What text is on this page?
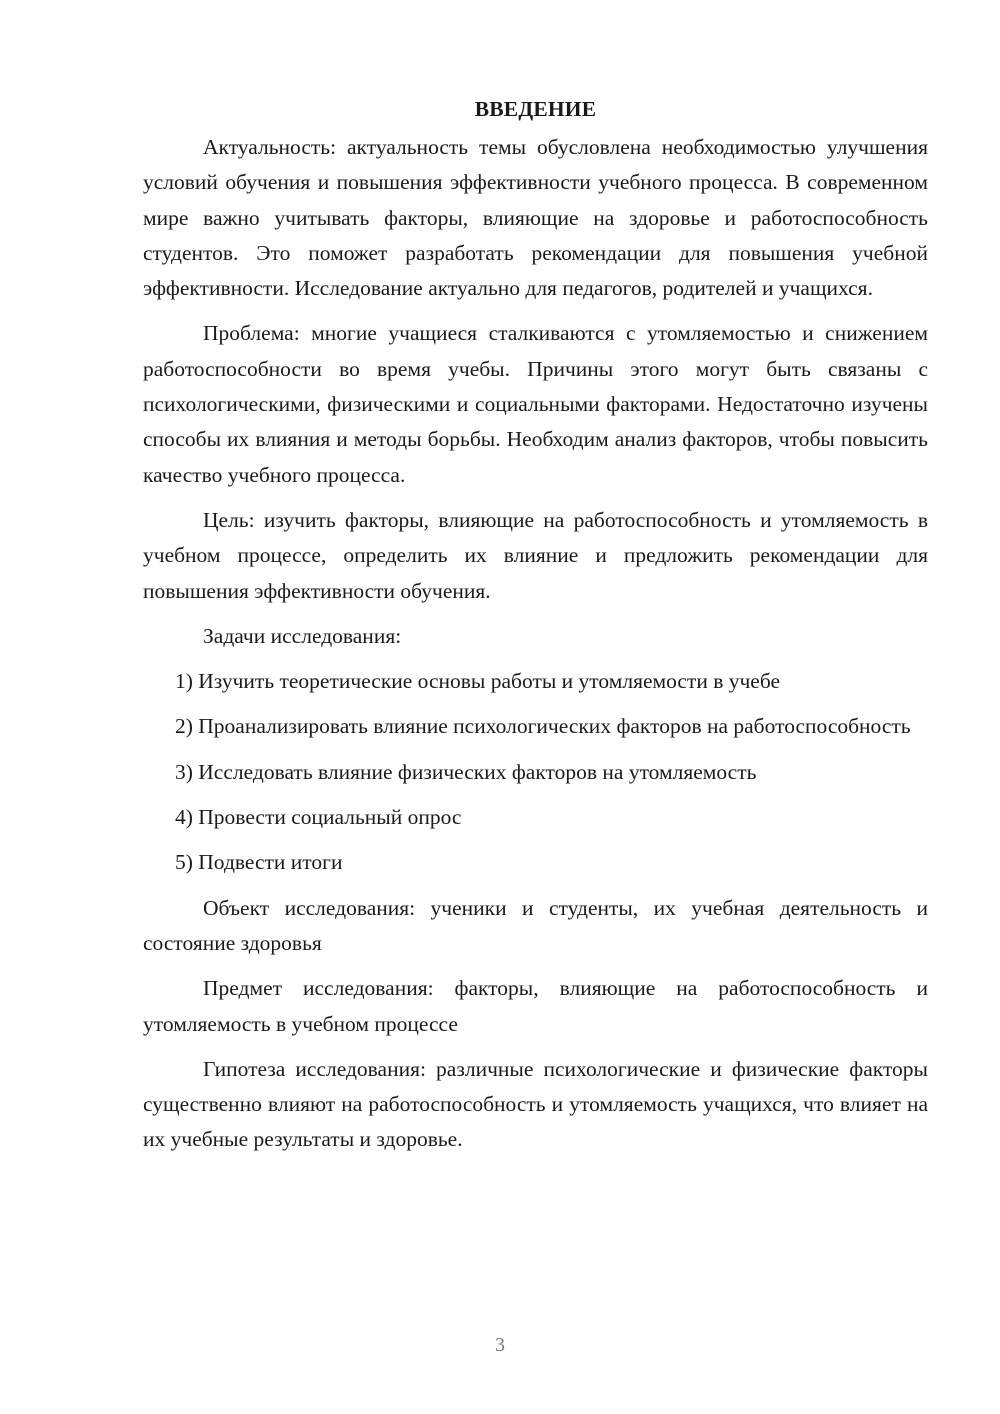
ВВЕДЕНИЕ

Актуальность: актуальность темы обусловлена необходимостью улучшения условий обучения и повышения эффективности учебного процесса. В современном мире важно учитывать факторы, влияющие на здоровье и работоспособность студентов. Это поможет разработать рекомендации для повышения учебной эффективности. Исследование актуально для педагогов, родителей и учащихся.

Проблема: многие учащиеся сталкиваются с утомляемостью и снижением работоспособности во время учебы. Причины этого могут быть связаны с психологическими, физическими и социальными факторами. Недостаточно изучены способы их влияния и методы борьбы. Необходим анализ факторов, чтобы повысить качество учебного процесса.

Цель: изучить факторы, влияющие на работоспособность и утомляемость в учебном процессе, определить их влияние и предложить рекомендации для повышения эффективности обучения.

Задачи исследования:

1) Изучить теоретические основы работы и утомляемости в учебе

2) Проанализировать влияние психологических факторов на работоспособность

3) Исследовать влияние физических факторов на утомляемость

4) Провести социальный опрос

5) Подвести итоги

Объект исследования: ученики и студенты, их учебная деятельность и состояние здоровья

Предмет исследования: факторы, влияющие на работоспособность и утомляемость в учебном процессе

Гипотеза исследования: различные психологические и физические факторы существенно влияют на работоспособность и утомляемость учащихся, что влияет на их учебные результаты и здоровье.

3
